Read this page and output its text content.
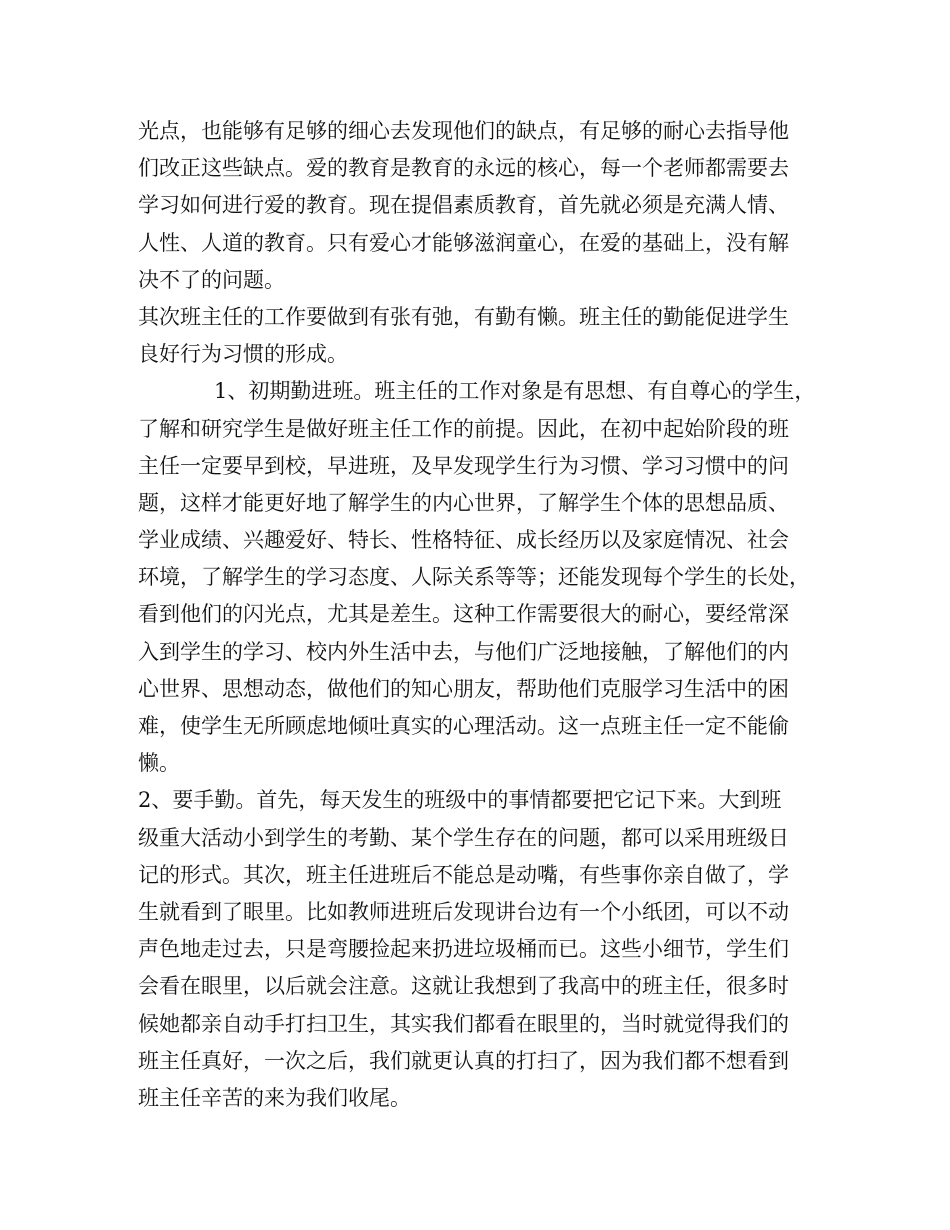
光点，也能够有足够的细心去发现他们的缺点，有足够的耐心去指导他
们改正这些缺点。爱的教育是教育的永远的核心，每一个老师都需要去
学习如何进行爱的教育。现在提倡素质教育，首先就必须是充满人情、
人性、人道的教育。只有爱心才能够滋润童心，在爱的基础上，没有解
决不了的问题。
其次班主任的工作要做到有张有弛，有勤有懒。班主任的勤能促进学生
良好行为习惯的形成。
1、初期勤进班。班主任的工作对象是有思想、有自尊心的学生，
了解和研究学生是做好班主任工作的前提。因此，在初中起始阶段的班
主任一定要早到校，早进班，及早发现学生行为习惯、学习习惯中的问
题，这样才能更好地了解学生的内心世界，了解学生个体的思想品质、
学业成绩、兴趣爱好、特长、性格特征、成长经历以及家庭情况、社会
环境，了解学生的学习态度、人际关系等等；还能发现每个学生的长处，
看到他们的闪光点，尤其是差生。这种工作需要很大的耐心，要经常深
入到学生的学习、校内外生活中去，与他们广泛地接触，了解他们的内
心世界、思想动态，做他们的知心朋友，帮助他们克服学习生活中的困
难，使学生无所顾虑地倾吐真实的心理活动。这一点班主任一定不能偷
懒。
2、要手勤。首先，每天发生的班级中的事情都要把它记下来。大到班
级重大活动小到学生的考勤、某个学生存在的问题，都可以采用班级日
记的形式。其次，班主任进班后不能总是动嘴，有些事你亲自做了，学
生就看到了眼里。比如教师进班后发现讲台边有一个小纸团，可以不动
声色地走过去，只是弯腰捡起来扔进垃圾桶而已。这些小细节，学生们
会看在眼里，以后就会注意。这就让我想到了我高中的班主任，很多时
候她都亲自动手打扫卫生，其实我们都看在眼里的，当时就觉得我们的
班主任真好，一次之后，我们就更认真的打扫了，因为我们都不想看到
班主任辛苦的来为我们收尾。
